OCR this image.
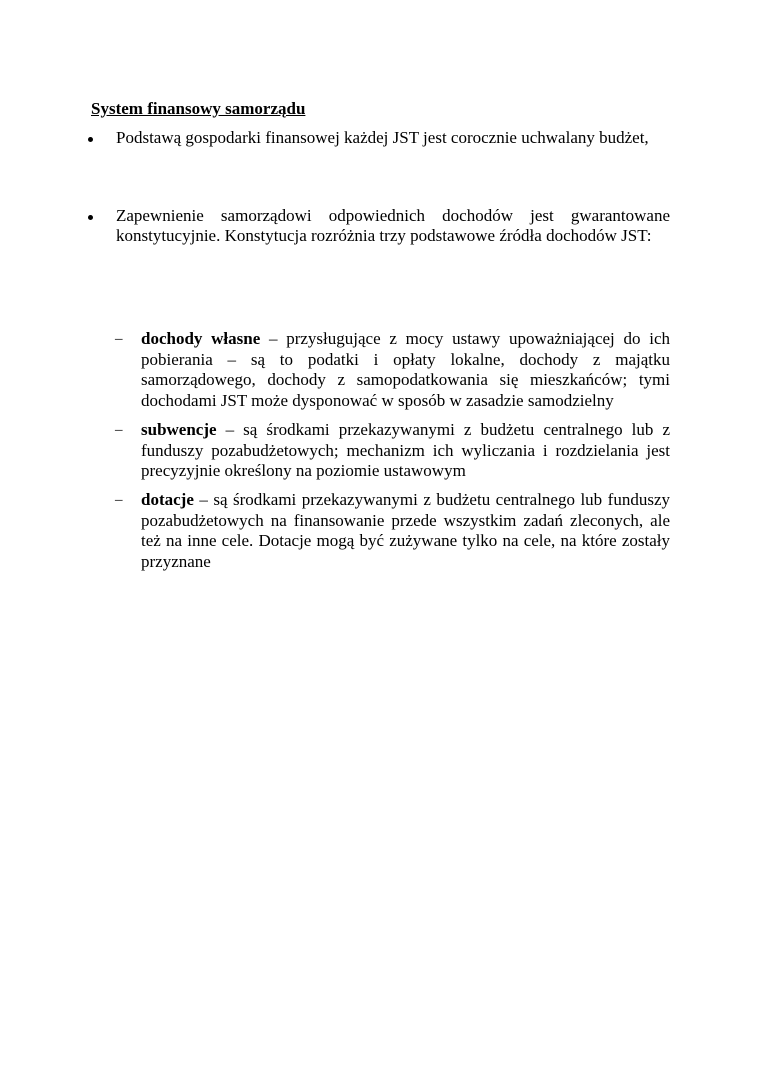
System finansowy samorządu
Podstawą gospodarki finansowej każdej JST jest corocznie uchwalany budżet,
Zapewnienie samorządowi odpowiednich dochodów jest gwarantowane konstytucyjnie. Konstytucja rozróżnia trzy podstawowe źródła dochodów JST:
– dochody własne – przysługujące z mocy ustawy upoważniającej do ich pobierania – są to podatki i opłaty lokalne, dochody z majątku samorządowego, dochody z samopodatkowania się mieszkańców; tymi dochodami JST może dysponować w sposób w zasadzie samodzielny
– subwencje – są środkami przekazywanymi z budżetu centralnego lub z funduszy pozabudżetowych; mechanizm ich wyliczania i rozdzielania jest precyzyjnie określony na poziomie ustawowym
– dotacje – są środkami przekazywanymi z budżetu centralnego lub funduszy pozabudżetowych na finansowanie przede wszystkim zadań zleconych, ale też na inne cele. Dotacje mogą być zużywane tylko na cele, na które zostały przyznane
